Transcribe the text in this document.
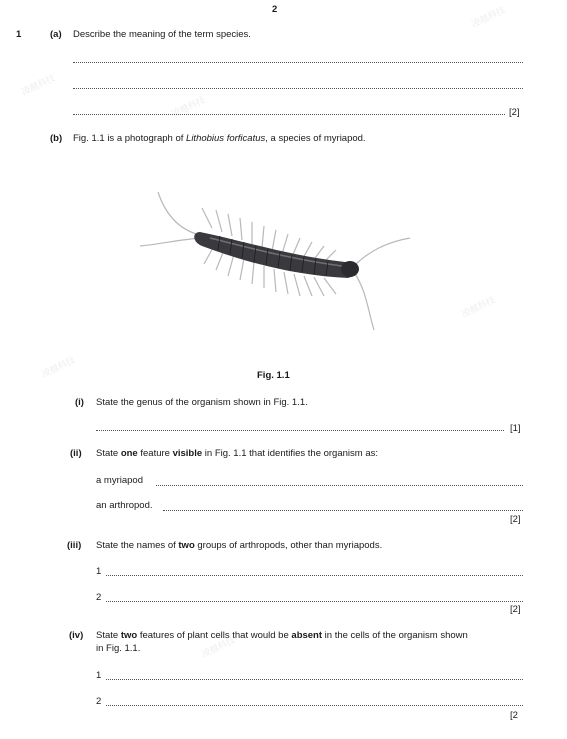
凌越科技
凌越科技
凌越科技
凌越科技
凌越科技
凌越科技
2
1	(a) Describe the meaning of the term species.
[2]
(b) Fig. 1.1 is a photograph of Lithobius forficatus, a species of myriapod.
Fig. 1.1
(i) State the genus of the organism shown in Fig. 1.1.
[1]
(ii) State one feature visible in Fig. 1.1 that identifies the organism as:
a myriapod
an arthropod.
[2]
(iii) State the names of two groups of arthropods, other than myriapods.
1
2
[2]
(iv) State two features of plant cells that would be absent in the cells of the organism shown
in Fig. 1.1.
1
2
[2
